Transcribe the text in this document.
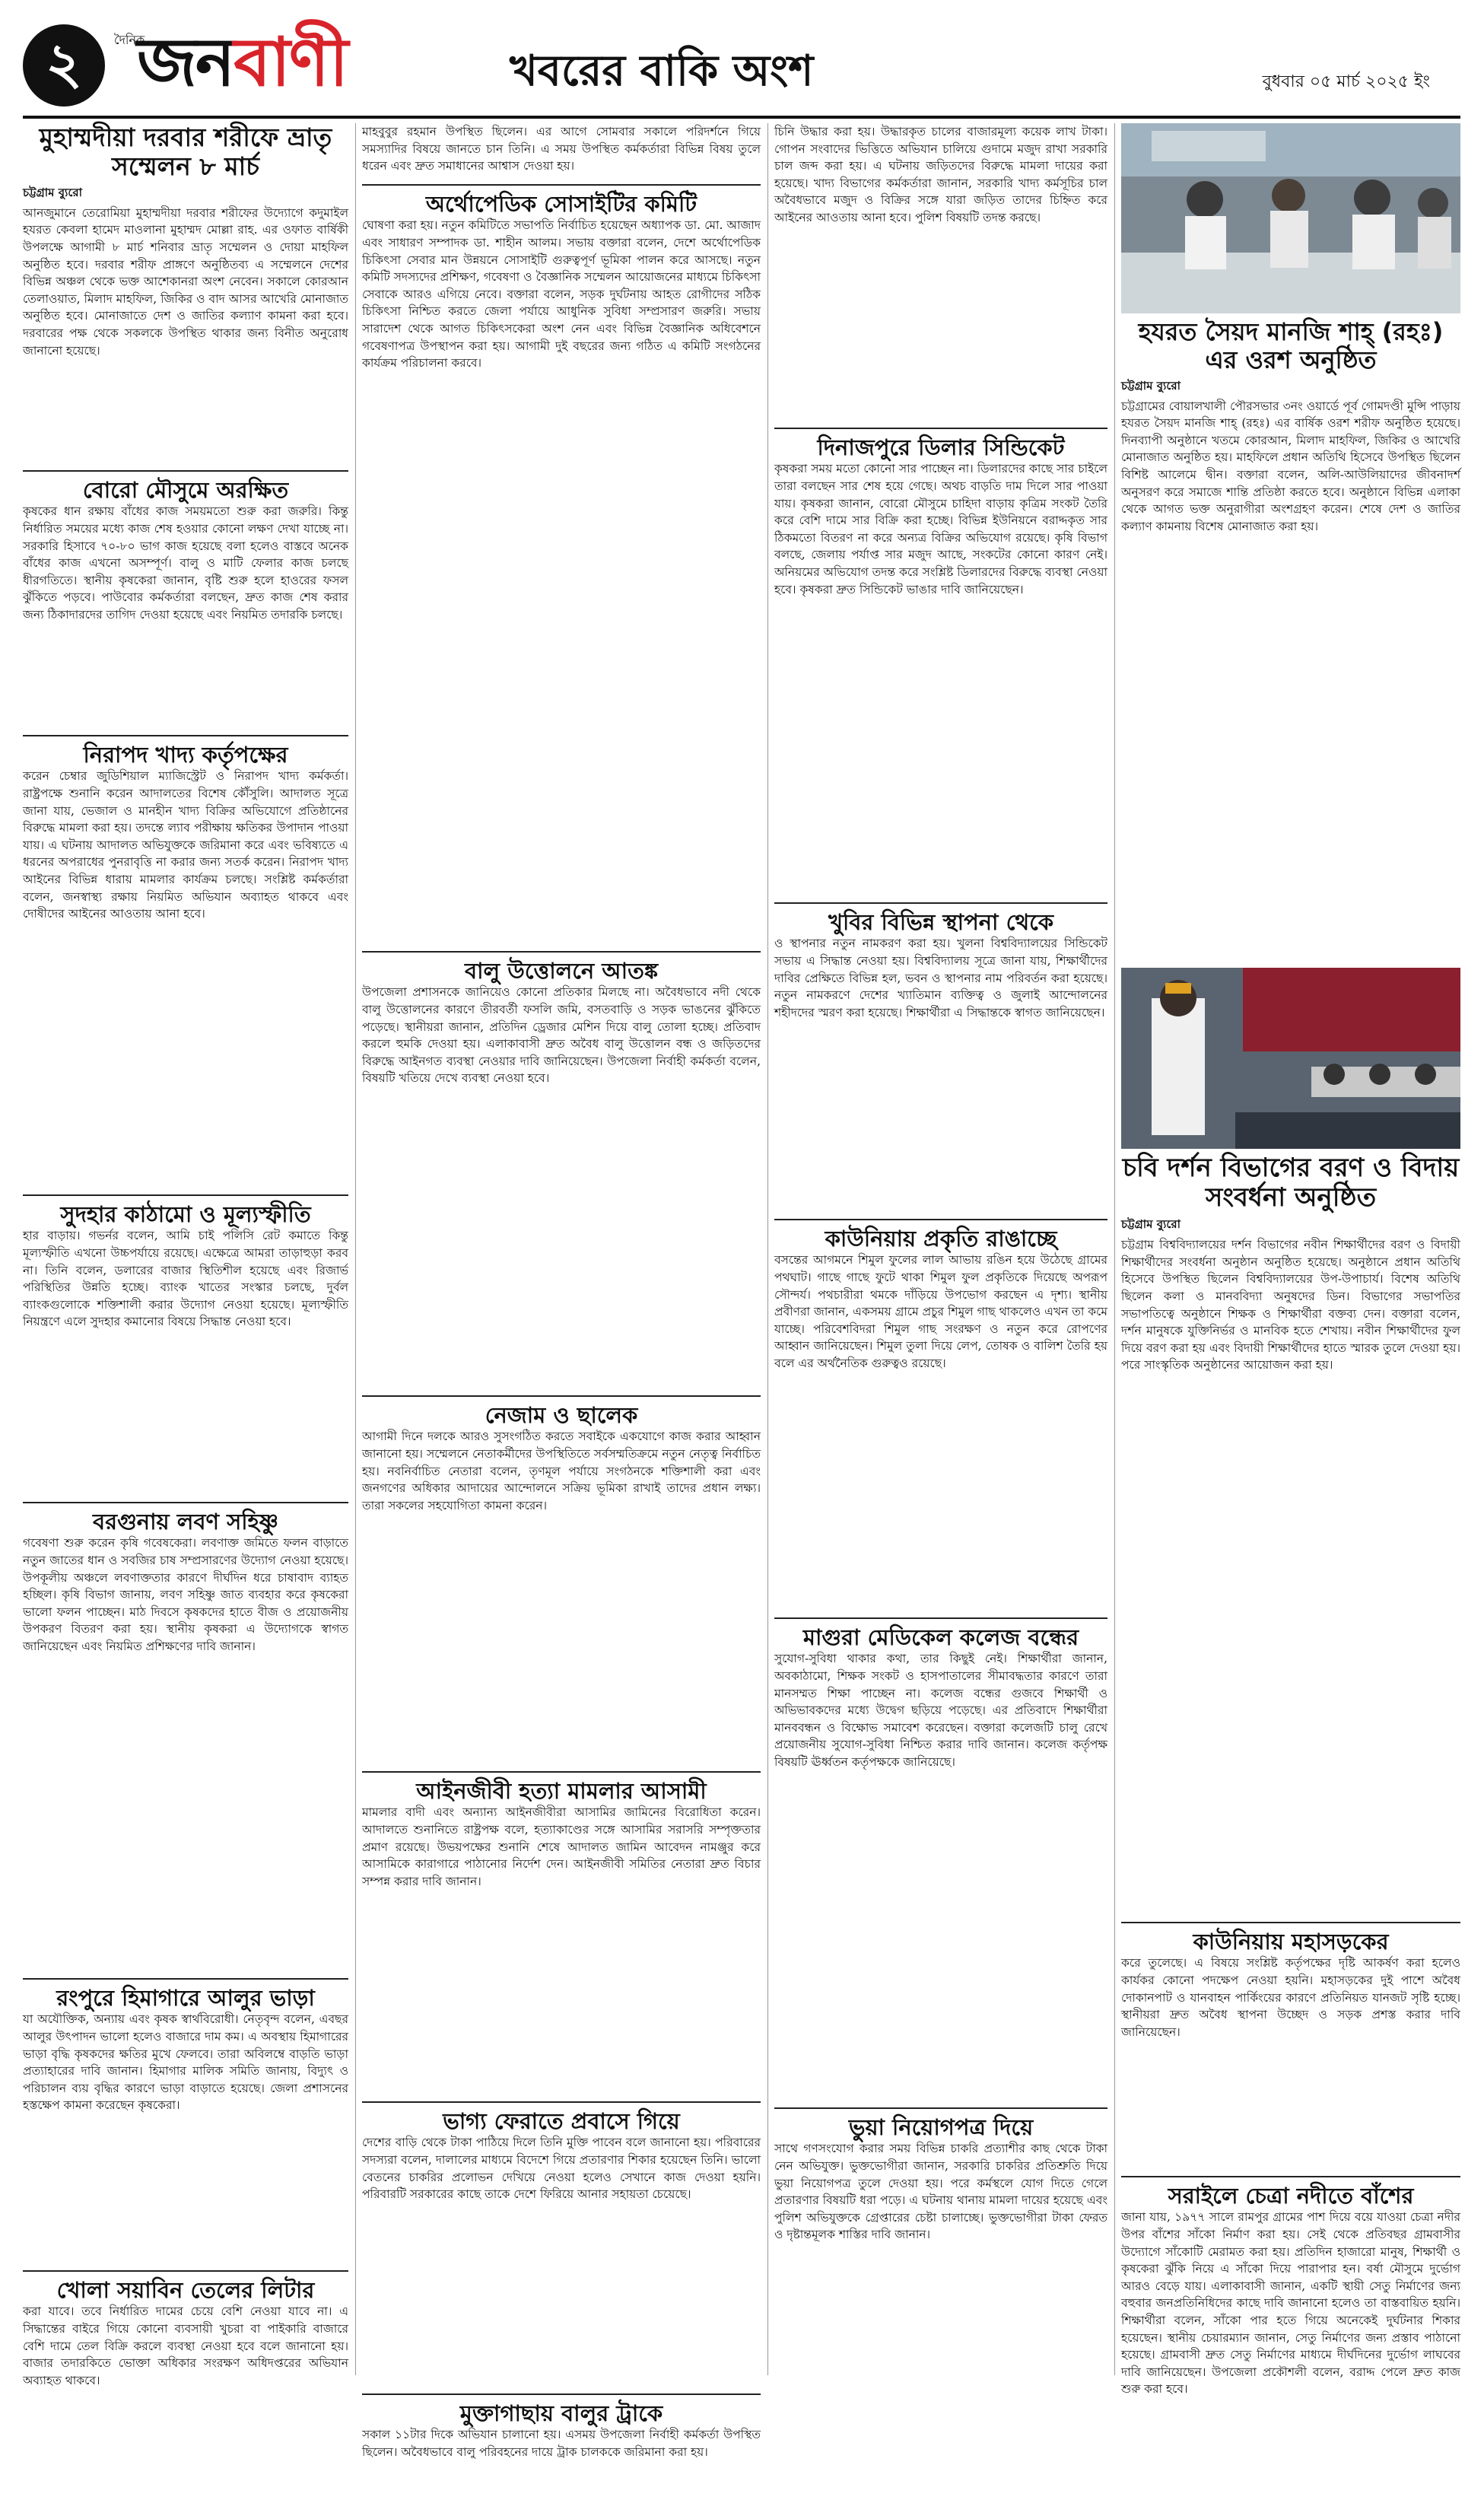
২	দৈনিক
জনবাণী	খবরের বাকি অংশ	বুধবার ০৫ মার্চ ২০২৫ ইং
মুহাম্মদীয়া দরবার শরীফে ভ্রাতৃ সম্মেলন ৮ মার্চ
চট্টগ্রাম ব্যুরো

আনজুমানে তেরোমিয়া মুহাম্মদীয়া দরবার শরীফের উদ্যোগে কদুমাইল হযরত কেবলা হামেদ মাওলানা মুহাম্মদ মোল্লা রাহ. এর ওফাত বার্ষিকী উপলক্ষে আগামী ৮ মার্চ শনিবার ভ্রাতৃ সম্মেলন ও দোয়া মাহফিল অনুষ্ঠিত হবে। দরবার শরীফ প্রাঙ্গণে অনুষ্ঠিতব্য এ সম্মেলনে দেশের বিভিন্ন অঞ্চল থেকে ভক্ত আশেকানরা অংশ নেবেন। সকালে কোরআন তেলাওয়াত, মিলাদ মাহফিল, জিকির ও বাদ আসর আখেরি মোনাজাত অনুষ্ঠিত হবে। মোনাজাতে দেশ ও জাতির কল্যাণ কামনা করা হবে। দরবারের পক্ষ থেকে সকলকে উপস্থিত থাকার জন্য বিনীত অনুরোধ জানানো হয়েছে।

বোরো মৌসুমে অরক্ষিত

কৃষকের ধান রক্ষায় বাঁধের কাজ সময়মতো শুরু করা জরুরি। কিন্তু নির্ধারিত সময়ের মধ্যে কাজ শেষ হওয়ার কোনো লক্ষণ দেখা যাচ্ছে না। সরকারি হিসাবে ৭০-৮০ ভাগ কাজ হয়েছে বলা হলেও বাস্তবে অনেক বাঁধের কাজ এখনো অসম্পূর্ণ। বালু ও মাটি ফেলার কাজ চলছে ধীরগতিতে। স্থানীয় কৃষকেরা জানান, বৃষ্টি শুরু হলে হাওরের ফসল ঝুঁকিতে পড়বে। পাউবোর কর্মকর্তারা বলছেন, দ্রুত কাজ শেষ করার জন্য ঠিকাদারদের তাগিদ দেওয়া হয়েছে এবং নিয়মিত তদারকি চলছে।

নিরাপদ খাদ্য কর্তৃপক্ষের

করেন চেম্বার জুডিশিয়াল ম্যাজিস্ট্রেট ও নিরাপদ খাদ্য কর্মকর্তা। রাষ্ট্রপক্ষে শুনানি করেন আদালতের বিশেষ কৌঁসুলি। আদালত সূত্রে জানা যায়, ভেজাল ও মানহীন খাদ্য বিক্রির অভিযোগে প্রতিষ্ঠানের বিরুদ্ধে মামলা করা হয়। তদন্তে ল্যাব পরীক্ষায় ক্ষতিকর উপাদান পাওয়া যায়। এ ঘটনায় আদালত অভিযুক্তকে জরিমানা করে এবং ভবিষ্যতে এ ধরনের অপরাধের পুনরাবৃত্তি না করার জন্য সতর্ক করেন। নিরাপদ খাদ্য আইনের বিভিন্ন ধারায় মামলার কার্যক্রম চলছে। সংশ্লিষ্ট কর্মকর্তারা বলেন, জনস্বাস্থ্য রক্ষায় নিয়মিত অভিযান অব্যাহত থাকবে এবং দোষীদের আইনের আওতায় আনা হবে।

সুদহার কাঠামো ও মূল্যস্ফীতি

হার বাড়ায়। গভর্নর বলেন, আমি চাই পলিসি রেট কমাতে কিন্তু মূল্যস্ফীতি এখনো উচ্চপর্যায়ে রয়েছে। এক্ষেত্রে আমরা তাড়াহুড়া করব না। তিনি বলেন, ডলারের বাজার স্থিতিশীল হয়েছে এবং রিজার্ভ পরিস্থিতির উন্নতি হচ্ছে। ব্যাংক খাতের সংস্কার চলছে, দুর্বল ব্যাংকগুলোকে শক্তিশালী করার উদ্যোগ নেওয়া হয়েছে। মূল্যস্ফীতি নিয়ন্ত্রণে এলে সুদহার কমানোর বিষয়ে সিদ্ধান্ত নেওয়া হবে।

বরগুনায় লবণ সহিষ্ণু

গবেষণা শুরু করেন কৃষি গবেষকেরা। লবণাক্ত জমিতে ফলন বাড়াতে নতুন জাতের ধান ও সবজির চাষ সম্প্রসারণের উদ্যোগ নেওয়া হয়েছে। উপকূলীয় অঞ্চলে লবণাক্ততার কারণে দীর্ঘদিন ধরে চাষাবাদ ব্যাহত হচ্ছিল। কৃষি বিভাগ জানায়, লবণ সহিষ্ণু জাত ব্যবহার করে কৃষকেরা ভালো ফলন পাচ্ছেন। মাঠ দিবসে কৃষকদের হাতে বীজ ও প্রয়োজনীয় উপকরণ বিতরণ করা হয়। স্থানীয় কৃষকরা এ উদ্যোগকে স্বাগত জানিয়েছেন এবং নিয়মিত প্রশিক্ষণের দাবি জানান।

রংপুরে হিমাগারে আলুর ভাড়া

যা অযৌক্তিক, অন্যায় এবং কৃষক স্বার্থবিরোধী। নেতৃবৃন্দ বলেন, এবছর আলুর উৎপাদন ভালো হলেও বাজারে দাম কম। এ অবস্থায় হিমাগারের ভাড়া বৃদ্ধি কৃষকদের ক্ষতির মুখে ফেলবে। তারা অবিলম্বে বাড়তি ভাড়া প্রত্যাহারের দাবি জানান। হিমাগার মালিক সমিতি জানায়, বিদ্যুৎ ও পরিচালন ব্যয় বৃদ্ধির কারণে ভাড়া বাড়াতে হয়েছে। জেলা প্রশাসনের হস্তক্ষেপ কামনা করেছেন কৃষকেরা।

খোলা সয়াবিন তেলের লিটার

করা যাবে। তবে নির্ধারিত দামের চেয়ে বেশি নেওয়া যাবে না। এ সিদ্ধান্তের বাইরে গিয়ে কোনো ব্যবসায়ী খুচরা বা পাইকারি বাজারে বেশি দামে তেল বিক্রি করলে ব্যবস্থা নেওয়া হবে বলে জানানো হয়। বাজার তদারকিতে ভোক্তা অধিকার সংরক্ষণ অধিদপ্তরের অভিযান অব্যাহত থাকবে।

মাহবুবুর রহমান উপস্থিত ছিলেন। এর আগে সোমবার সকালে পরিদর্শনে গিয়ে সমস্যাদির বিষয়ে জানতে চান তিনি। এ সময় উপস্থিত কর্মকর্তারা বিভিন্ন বিষয় তুলে ধরেন এবং দ্রুত সমাধানের আশ্বাস দেওয়া হয়।

অর্থোপেডিক সোসাইটির কমিটি

ঘোষণা করা হয়। নতুন কমিটিতে সভাপতি নির্বাচিত হয়েছেন অধ্যাপক ডা. মো. আজাদ এবং সাধারণ সম্পাদক ডা. শাহীন আলম। সভায় বক্তারা বলেন, দেশে অর্থোপেডিক চিকিৎসা সেবার মান উন্নয়নে সোসাইটি গুরুত্বপূর্ণ ভূমিকা পালন করে আসছে। নতুন কমিটি সদস্যদের প্রশিক্ষণ, গবেষণা ও বৈজ্ঞানিক সম্মেলন আয়োজনের মাধ্যমে চিকিৎসা সেবাকে আরও এগিয়ে নেবে। বক্তারা বলেন, সড়ক দুর্ঘটনায় আহত রোগীদের সঠিক চিকিৎসা নিশ্চিত করতে জেলা পর্যায়ে আধুনিক সুবিধা সম্প্রসারণ জরুরি। সভায় সারাদেশ থেকে আগত চিকিৎসকেরা অংশ নেন এবং বিভিন্ন বৈজ্ঞানিক অধিবেশনে গবেষণাপত্র উপস্থাপন করা হয়। আগামী দুই বছরের জন্য গঠিত এ কমিটি সংগঠনের কার্যক্রম পরিচালনা করবে।

বালু উত্তোলনে আতঙ্ক

উপজেলা প্রশাসনকে জানিয়েও কোনো প্রতিকার মিলছে না। অবৈধভাবে নদী থেকে বালু উত্তোলনের কারণে তীরবর্তী ফসলি জমি, বসতবাড়ি ও সড়ক ভাঙনের ঝুঁকিতে পড়েছে। স্থানীয়রা জানান, প্রতিদিন ড্রেজার মেশিন দিয়ে বালু তোলা হচ্ছে। প্রতিবাদ করলে হুমকি দেওয়া হয়। এলাকাবাসী দ্রুত অবৈধ বালু উত্তোলন বন্ধ ও জড়িতদের বিরুদ্ধে আইনগত ব্যবস্থা নেওয়ার দাবি জানিয়েছেন। উপজেলা নির্বাহী কর্মকর্তা বলেন, বিষয়টি খতিয়ে দেখে ব্যবস্থা নেওয়া হবে।

নেজাম ও ছালেক

আগামী দিনে দলকে আরও সুসংগঠিত করতে সবাইকে একযোগে কাজ করার আহ্বান জানানো হয়। সম্মেলনে নেতাকর্মীদের উপস্থিতিতে সর্বসম্মতিক্রমে নতুন নেতৃত্ব নির্বাচিত হয়। নবনির্বাচিত নেতারা বলেন, তৃণমূল পর্যায়ে সংগঠনকে শক্তিশালী করা এবং জনগণের অধিকার আদায়ের আন্দোলনে সক্রিয় ভূমিকা রাখাই তাদের প্রধান লক্ষ্য। তারা সকলের সহযোগিতা কামনা করেন।

আইনজীবী হত্যা মামলার আসামী

মামলার বাদী এবং অন্যান্য আইনজীবীরা আসামির জামিনের বিরোধিতা করেন। আদালতে শুনানিতে রাষ্ট্রপক্ষ বলে, হত্যাকাণ্ডের সঙ্গে আসামির সরাসরি সম্পৃক্ততার প্রমাণ রয়েছে। উভয়পক্ষের শুনানি শেষে আদালত জামিন আবেদন নামঞ্জুর করে আসামিকে কারাগারে পাঠানোর নির্দেশ দেন। আইনজীবী সমিতির নেতারা দ্রুত বিচার সম্পন্ন করার দাবি জানান।

ভাগ্য ফেরাতে প্রবাসে গিয়ে

দেশের বাড়ি থেকে টাকা পাঠিয়ে দিলে তিনি মুক্তি পাবেন বলে জানানো হয়। পরিবারের সদস্যরা বলেন, দালালের মাধ্যমে বিদেশে গিয়ে প্রতারণার শিকার হয়েছেন তিনি। ভালো বেতনের চাকরির প্রলোভন দেখিয়ে নেওয়া হলেও সেখানে কাজ দেওয়া হয়নি। পরিবারটি সরকারের কাছে তাকে দেশে ফিরিয়ে আনার সহায়তা চেয়েছে।

মুক্তাগাছায় বালুর ট্রাকে

সকাল ১১টার দিকে অভিযান চালানো হয়। এসময় উপজেলা নির্বাহী কর্মকর্তা উপস্থিত ছিলেন। অবৈধভাবে বালু পরিবহনের দায়ে ট্রাক চালককে জরিমানা করা হয়।

চিনি উদ্ধার করা হয়। উদ্ধারকৃত চালের বাজারমূল্য কয়েক লাখ টাকা। গোপন সংবাদের ভিত্তিতে অভিযান চালিয়ে গুদামে মজুদ রাখা সরকারি চাল জব্দ করা হয়। এ ঘটনায় জড়িতদের বিরুদ্ধে মামলা দায়ের করা হয়েছে। খাদ্য বিভাগের কর্মকর্তারা জানান, সরকারি খাদ্য কর্মসূচির চাল অবৈধভাবে মজুদ ও বিক্রির সঙ্গে যারা জড়িত তাদের চিহ্নিত করে আইনের আওতায় আনা হবে। পুলিশ বিষয়টি তদন্ত করছে।

দিনাজপুরে ডিলার সিন্ডিকেট

কৃষকরা সময় মতো কোনো সার পাচ্ছেন না। ডিলারদের কাছে সার চাইলে তারা বলছেন সার শেষ হয়ে গেছে। অথচ বাড়তি দাম দিলে সার পাওয়া যায়। কৃষকরা জানান, বোরো মৌসুমে চাহিদা বাড়ায় কৃত্রিম সংকট তৈরি করে বেশি দামে সার বিক্রি করা হচ্ছে। বিভিন্ন ইউনিয়নে বরাদ্দকৃত সার ঠিকমতো বিতরণ না করে অন্যত্র বিক্রির অভিযোগ রয়েছে। কৃষি বিভাগ বলছে, জেলায় পর্যাপ্ত সার মজুদ আছে, সংকটের কোনো কারণ নেই। অনিয়মের অভিযোগ তদন্ত করে সংশ্লিষ্ট ডিলারদের বিরুদ্ধে ব্যবস্থা নেওয়া হবে। কৃষকরা দ্রুত সিন্ডিকেট ভাঙার দাবি জানিয়েছেন।

খুবির বিভিন্ন স্থাপনা থেকে

ও স্থাপনার নতুন নামকরণ করা হয়। খুলনা বিশ্ববিদ্যালয়ের সিন্ডিকেট সভায় এ সিদ্ধান্ত নেওয়া হয়। বিশ্ববিদ্যালয় সূত্রে জানা যায়, শিক্ষার্থীদের দাবির প্রেক্ষিতে বিভিন্ন হল, ভবন ও স্থাপনার নাম পরিবর্তন করা হয়েছে। নতুন নামকরণে দেশের খ্যাতিমান ব্যক্তিত্ব ও জুলাই আন্দোলনের শহীদদের স্মরণ করা হয়েছে। শিক্ষার্থীরা এ সিদ্ধান্তকে স্বাগত জানিয়েছেন।

কাউনিয়ায় প্রকৃতি রাঙাচ্ছে

বসন্তের আগমনে শিমুল ফুলের লাল আভায় রঙিন হয়ে উঠেছে গ্রামের পথঘাট। গাছে গাছে ফুটে থাকা শিমুল ফুল প্রকৃতিকে দিয়েছে অপরূপ সৌন্দর্য। পথচারীরা থমকে দাঁড়িয়ে উপভোগ করছেন এ দৃশ্য। স্থানীয় প্রবীণরা জানান, একসময় গ্রামে প্রচুর শিমুল গাছ থাকলেও এখন তা কমে যাচ্ছে। পরিবেশবিদরা শিমুল গাছ সংরক্ষণ ও নতুন করে রোপণের আহ্বান জানিয়েছেন। শিমুল তুলা দিয়ে লেপ, তোষক ও বালিশ তৈরি হয় বলে এর অর্থনৈতিক গুরুত্বও রয়েছে।

মাগুরা মেডিকেল কলেজ বন্ধের

সুযোগ-সুবিধা থাকার কথা, তার কিছুই নেই। শিক্ষার্থীরা জানান, অবকাঠামো, শিক্ষক সংকট ও হাসপাতালের সীমাবদ্ধতার কারণে তারা মানসম্মত শিক্ষা পাচ্ছেন না। কলেজ বন্ধের গুজবে শিক্ষার্থী ও অভিভাবকদের মধ্যে উদ্বেগ ছড়িয়ে পড়েছে। এর প্রতিবাদে শিক্ষার্থীরা মানববন্ধন ও বিক্ষোভ সমাবেশ করেছেন। বক্তারা কলেজটি চালু রেখে প্রয়োজনীয় সুযোগ-সুবিধা নিশ্চিত করার দাবি জানান। কলেজ কর্তৃপক্ষ বিষয়টি ঊর্ধ্বতন কর্তৃপক্ষকে জানিয়েছে।

ভুয়া নিয়োগপত্র দিয়ে

সাথে গণসংযোগ করার সময় বিভিন্ন চাকরি প্রত্যাশীর কাছ থেকে টাকা নেন অভিযুক্ত। ভুক্তভোগীরা জানান, সরকারি চাকরির প্রতিশ্রুতি দিয়ে ভুয়া নিয়োগপত্র তুলে দেওয়া হয়। পরে কর্মস্থলে যোগ দিতে গেলে প্রতারণার বিষয়টি ধরা পড়ে। এ ঘটনায় থানায় মামলা দায়ের হয়েছে এবং পুলিশ অভিযুক্তকে গ্রেপ্তারের চেষ্টা চালাচ্ছে। ভুক্তভোগীরা টাকা ফেরত ও দৃষ্টান্তমূলক শাস্তির দাবি জানান।

হযরত সৈয়দ মানজি শাহ্ (রহঃ) এর ওরশ অনুষ্ঠিত
চট্টগ্রাম ব্যুরো

চট্টগ্রামের বোয়ালখালী পৌরসভার ৩নং ওয়ার্ডে পূর্ব গোমদণ্ডী মুন্সি পাড়ায় হযরত সৈয়দ মানজি শাহ্ (রহঃ) এর বার্ষিক ওরশ শরীফ অনুষ্ঠিত হয়েছে। দিনব্যাপী অনুষ্ঠানে খতমে কোরআন, মিলাদ মাহফিল, জিকির ও আখেরি মোনাজাত অনুষ্ঠিত হয়। মাহফিলে প্রধান অতিথি হিসেবে উপস্থিত ছিলেন বিশিষ্ট আলেমে দ্বীন। বক্তারা বলেন, অলি-আউলিয়াদের জীবনাদর্শ অনুসরণ করে সমাজে শান্তি প্রতিষ্ঠা করতে হবে। অনুষ্ঠানে বিভিন্ন এলাকা থেকে আগত ভক্ত অনুরাগীরা অংশগ্রহণ করেন। শেষে দেশ ও জাতির কল্যাণ কামনায় বিশেষ মোনাজাত করা হয়।

চবি দর্শন বিভাগের বরণ ও বিদায় সংবর্ধনা অনুষ্ঠিত
চট্টগ্রাম ব্যুরো

চট্টগ্রাম বিশ্ববিদ্যালয়ের দর্শন বিভাগের নবীন শিক্ষার্থীদের বরণ ও বিদায়ী শিক্ষার্থীদের সংবর্ধনা অনুষ্ঠান অনুষ্ঠিত হয়েছে। অনুষ্ঠানে প্রধান অতিথি হিসেবে উপস্থিত ছিলেন বিশ্ববিদ্যালয়ের উপ-উপাচার্য। বিশেষ অতিথি ছিলেন কলা ও মানববিদ্যা অনুষদের ডিন। বিভাগের সভাপতির সভাপতিত্বে অনুষ্ঠানে শিক্ষক ও শিক্ষার্থীরা বক্তব্য দেন। বক্তারা বলেন, দর্শন মানুষকে যুক্তিনির্ভর ও মানবিক হতে শেখায়। নবীন শিক্ষার্থীদের ফুল দিয়ে বরণ করা হয় এবং বিদায়ী শিক্ষার্থীদের হাতে স্মারক তুলে দেওয়া হয়। পরে সাংস্কৃতিক অনুষ্ঠানের আয়োজন করা হয়।

কাউনিয়ায় মহাসড়কের

করে তুলেছে। এ বিষয়ে সংশ্লিষ্ট কর্তৃপক্ষের দৃষ্টি আকর্ষণ করা হলেও কার্যকর কোনো পদক্ষেপ নেওয়া হয়নি। মহাসড়কের দুই পাশে অবৈধ দোকানপাট ও যানবাহন পার্কিংয়ের কারণে প্রতিনিয়ত যানজট সৃষ্টি হচ্ছে। স্থানীয়রা দ্রুত অবৈধ স্থাপনা উচ্ছেদ ও সড়ক প্রশস্ত করার দাবি জানিয়েছেন।

সরাইলে চেত্রা নদীতে বাঁশের

জানা যায়, ১৯৭৭ সালে রামপুর গ্রামের পাশ দিয়ে বয়ে যাওয়া চেত্রা নদীর উপর বাঁশের সাঁকো নির্মাণ করা হয়। সেই থেকে প্রতিবছর গ্রামবাসীর উদ্যোগে সাঁকোটি মেরামত করা হয়। প্রতিদিন হাজারো মানুষ, শিক্ষার্থী ও কৃষকেরা ঝুঁকি নিয়ে এ সাঁকো দিয়ে পারাপার হন। বর্ষা মৌসুমে দুর্ভোগ আরও বেড়ে যায়। এলাকাবাসী জানান, একটি স্থায়ী সেতু নির্মাণের জন্য বহুবার জনপ্রতিনিধিদের কাছে দাবি জানানো হলেও তা বাস্তবায়িত হয়নি। শিক্ষার্থীরা বলেন, সাঁকো পার হতে গিয়ে অনেকেই দুর্ঘটনার শিকার হয়েছেন। স্থানীয় চেয়ারম্যান জানান, সেতু নির্মাণের জন্য প্রস্তাব পাঠানো হয়েছে। গ্রামবাসী দ্রুত সেতু নির্মাণের মাধ্যমে দীর্ঘদিনের দুর্ভোগ লাঘবের দাবি জানিয়েছেন। উপজেলা প্রকৌশলী বলেন, বরাদ্দ পেলে দ্রুত কাজ শুরু করা হবে।
